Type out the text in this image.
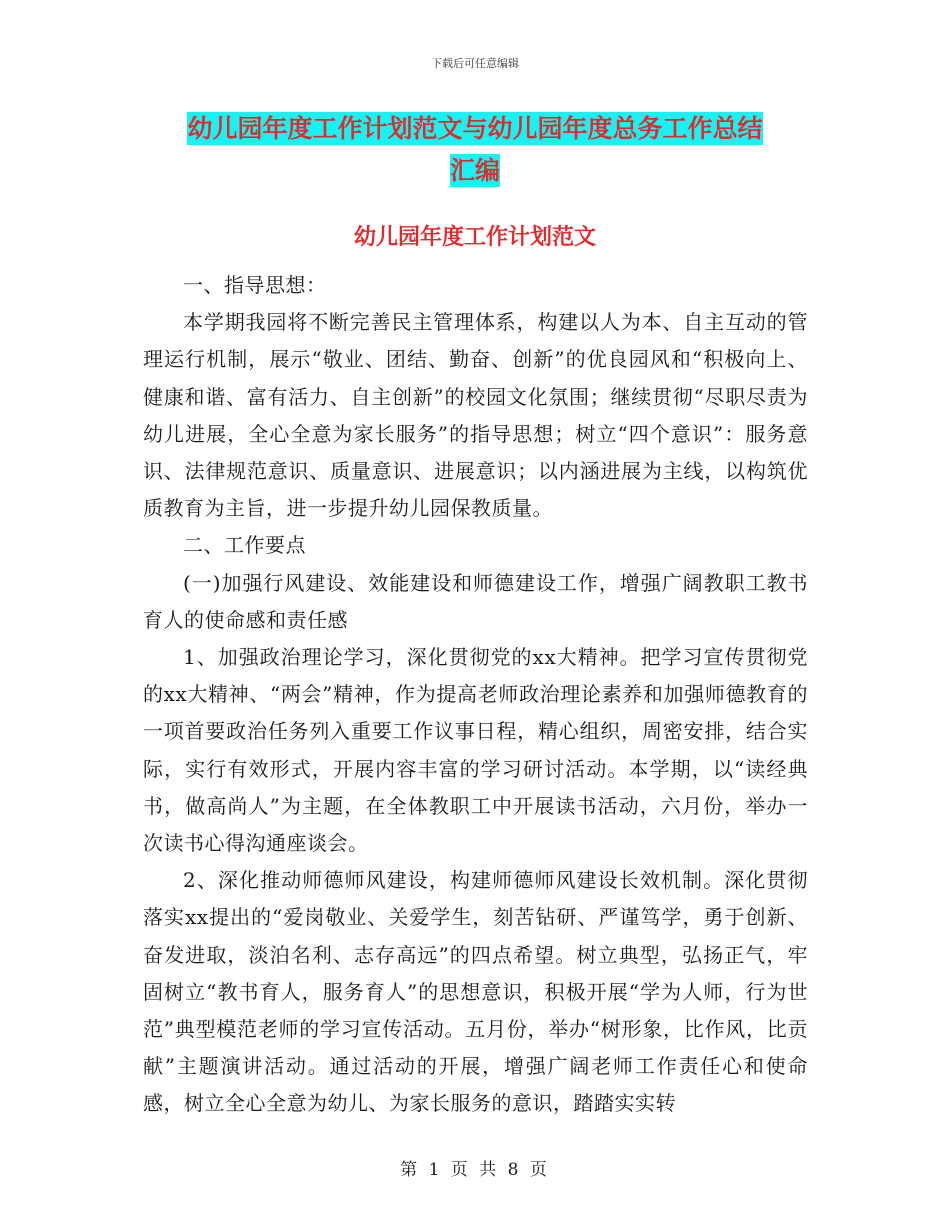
下载后可任意编辑
幼儿园年度工作计划范文与幼儿园年度总务工作总结
汇编
幼儿园年度工作计划范文

一、指导思想：

本学期我园将不断完善民主管理体系，构建以人为本、自主互动的管理运行机制，展示“敬业、团结、勤奋、创新”的优良园风和“积极向上、健康和谐、富有活力、自主创新”的校园文化氛围；继续贯彻“尽职尽责为幼儿进展，全心全意为家长服务”的指导思想；树立“四个意识”：服务意识、法律规范意识、质量意识、进展意识；以内涵进展为主线，以构筑优质教育为主旨，进一步提升幼儿园保教质量。

二、工作要点

(一)加强行风建设、效能建设和师德建设工作，增强广阔教职工教书育人的使命感和责任感

1、加强政治理论学习，深化贯彻党的xx大精神。把学习宣传贯彻党的xx大精神、“两会”精神，作为提高老师政治理论素养和加强师德教育的一项首要政治任务列入重要工作议事日程，精心组织，周密安排，结合实际，实行有效形式，开展内容丰富的学习研讨活动。本学期，以“读经典书，做高尚人”为主题，在全体教职工中开展读书活动，六月份，举办一次读书心得沟通座谈会。

2、深化推动师德师风建设，构建师德师风建设长效机制。深化贯彻落实xx提出的“爱岗敬业、关爱学生，刻苦钻研、严谨笃学，勇于创新、奋发进取，淡泊名利、志存高远”的四点希望。树立典型，弘扬正气，牢固树立“教书育人，服务育人”的思想意识，积极开展“学为人师，行为世范”典型模范老师的学习宣传活动。五月份，举办“树形象，比作风，比贡献”主题演讲活动。通过活动的开展，增强广阔老师工作责任心和使命感，树立全心全意为幼儿、为家长服务的意识，踏踏实实转

第 1 页 共 8 页
